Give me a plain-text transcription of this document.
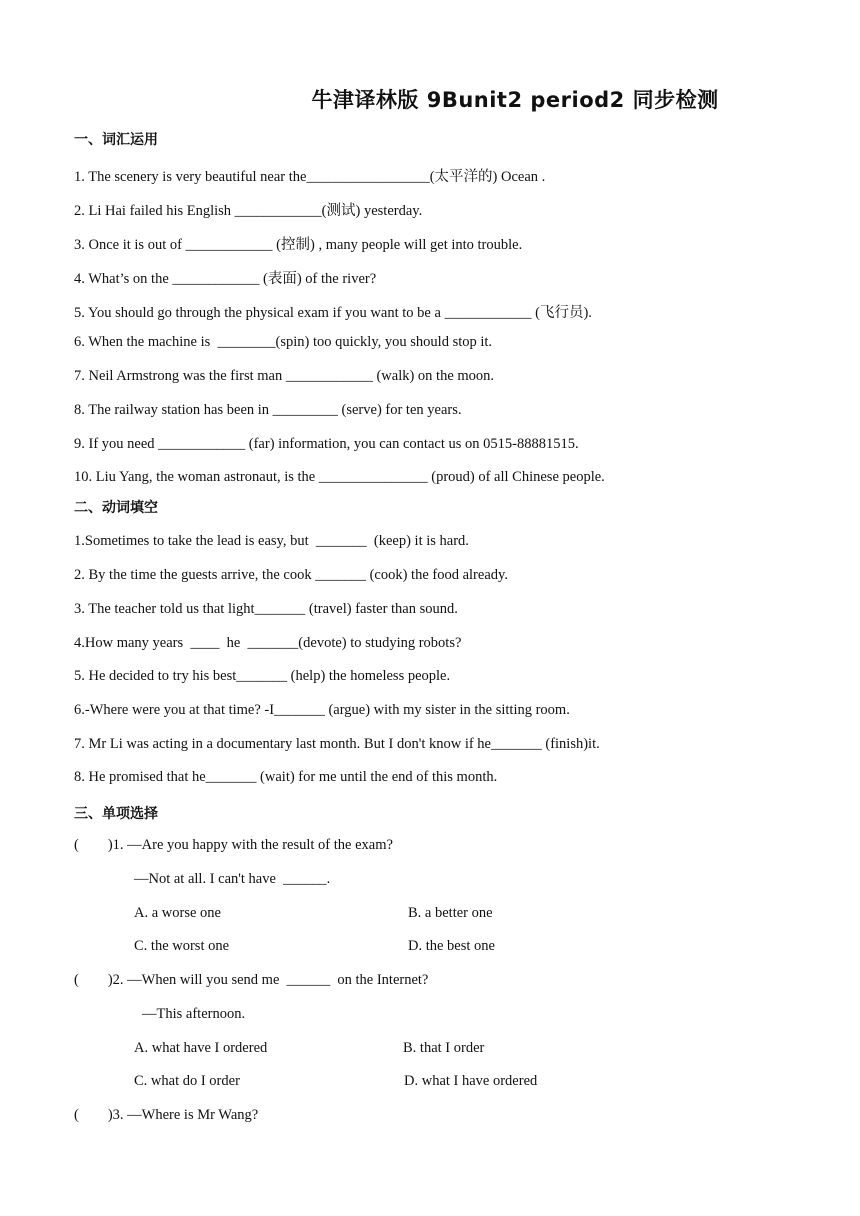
牛津译林版 9Bunit2 period2 同步检测
一、词汇运用
1. The scenery is very beautiful near the_________________(太平洋的) Ocean .
2. Li Hai failed his English ____________(测试) yesterday.
3. Once it is out of ____________ (控制) , many people will get into trouble.
4. What’s on the ____________ (表面) of the river?
5. You should go through the physical exam if you want to be a ____________ (飞行员).
6. When the machine is  ________(spin) too quickly, you should stop it.
7. Neil Armstrong was the first man ____________ (walk) on the moon.
8. The railway station has been in _________ (serve) for ten years.
9. If you need ____________ (far) information, you can contact us on 0515-88881515.
10. Liu Yang, the woman astronaut, is the _______________ (proud) of all Chinese people.
二、动词填空
1.Sometimes to take the lead is easy, but  _______  (keep) it is hard.
2. By the time the guests arrive, the cook _______ (cook) the food already.
3. The teacher told us that light_______ (travel) faster than sound.
4.How many years  ____  he  _______(devote) to studying robots?
5. He decided to try his best_______ (help) the homeless people.
6.-Where were you at that time? -I_______ (argue) with my sister in the sitting room.
7. Mr Li was acting in a documentary last month. But I don't know if he_______ (finish)it.
8. He promised that he_______ (wait) for me until the end of this month.
三、单项选择
(        )1. —Are you happy with the result of the exam?
—Not at all. I can't have  ______.
A. a worse one	B. a better one
C. the worst one	D. the best one
(        )2. —When will you send me  ______  on the Internet?
—This afternoon.
A. what have I ordered	B. that I order
C. what do I order	D. what I have ordered
(        )3. —Where is Mr Wang?
